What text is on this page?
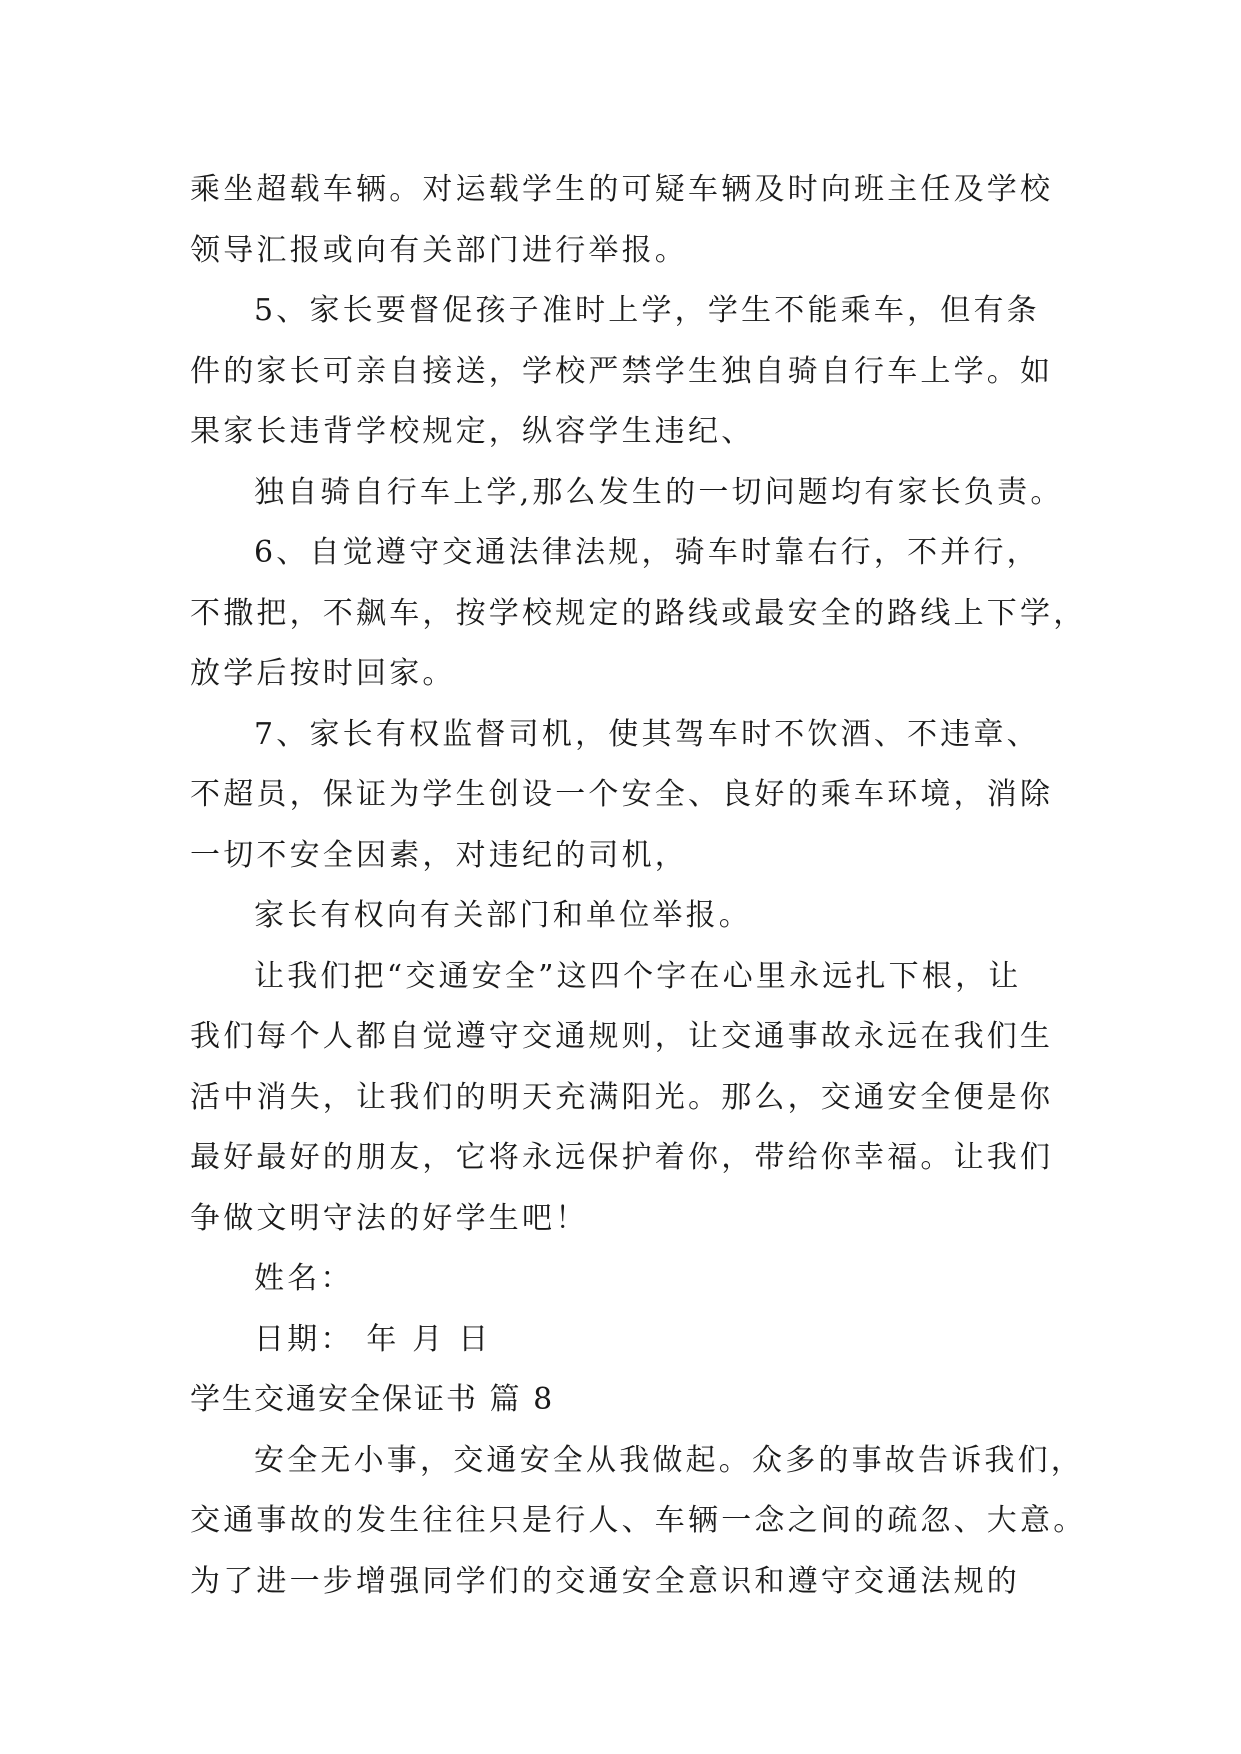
乘坐超载车辆。对运载学生的可疑车辆及时向班主任及学校
领导汇报或向有关部门进行举报。
5、家长要督促孩子准时上学，学生不能乘车，但有条
件的家长可亲自接送，学校严禁学生独自骑自行车上学。如
果家长违背学校规定，纵容学生违纪、
独自骑自行车上学,那么发生的一切问题均有家长负责。
6、自觉遵守交通法律法规，骑车时靠右行，不并行，
不撒把，不飙车，按学校规定的路线或最安全的路线上下学，
放学后按时回家。
7、家长有权监督司机，使其驾车时不饮酒、不违章、
不超员，保证为学生创设一个安全、良好的乘车环境，消除
一切不安全因素，对违纪的司机，
家长有权向有关部门和单位举报。
让我们把“交通安全”这四个字在心里永远扎下根，让
我们每个人都自觉遵守交通规则，让交通事故永远在我们生
活中消失，让我们的明天充满阳光。那么，交通安全便是你
最好最好的朋友，它将永远保护着你，带给你幸福。让我们
争做文明守法的好学生吧！
姓名：
日期： 年 月 日
学生交通安全保证书 篇 8
安全无小事，交通安全从我做起。众多的事故告诉我们，
交通事故的发生往往只是行人、车辆一念之间的疏忽、大意。
为了进一步增强同学们的交通安全意识和遵守交通法规的
